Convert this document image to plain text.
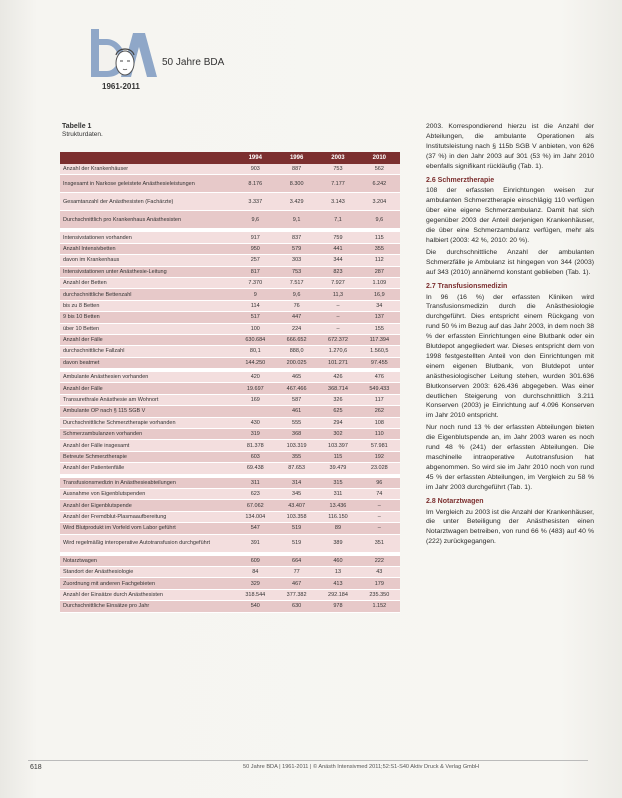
1961-2011
50 Jahre BDA
Tabelle 1
Strukturdaten.
	1994	1996	2003	2010
Anzahl der Krankenhäuser	903	887	753	562
Insgesamt in Narkose geleistete Anästhesieleistungen	8.176	8.300	7.177	6.242
Gesamtanzahl der Anästhesisten (Fachärzte)	3.337	3.429	3.143	3.204
Durchschnittlich pro Krankenhaus Anästhesisten	9,6	9,1	7,1	9,6

Intensivstationen vorhanden	917	837	759	115
Anzahl Intensivbetten	950	579	441	355
davon im Krankenhaus	257	303	344	112
Intensivstationen unter Anästhesie-Leitung	817	753	823	287
Anzahl der Betten	7.370	7.517	7.927	1.109
durchschnittliche Bettenzahl	9	9,6	11,3	16,9
bis zu 8 Betten	114	76	–	34
9 bis 10 Betten	517	447	–	137
über 10 Betten	100	224	–	155
Anzahl der Fälle	630.684	666.652	672.372	117.394
durchschnittliche Fallzahl	80,1	888,0	1.270,6	1.560,5
davon beatmet	144.250	200.025	101.271	97.455

Ambulante Anästhesien vorhanden	420	465	426	476
Anzahl der Fälle	19.697	467.466	368.714	549.433
Transurethrale Anästhesie am Wohnort	169	587	326	117
Ambulante OP nach § 115 SGB V		461	625	262
Durchschnittliche Schmerztherapie vorhanden	430	555	294	108
Schmerzambulanzen vorhanden	319	368	302	110
Anzahl der Fälle insgesamt	81.378	103.319	103.397	57.981
Betreute Schmerztherapie	603	355	115	192
Anzahl der Patientenfälle	69.438	87.653	39.479	23.028

Transfusionsmedizin in Anästhesieabteilungen	311	314	315	96
Ausnahme von Eigenblutspenden	623	345	311	74
Anzahl der Eigenblutspende	67.062	43.407	13.436	–
Anzahl der Fremdblut-Plasmaaufbereitung	134.004	103.358	116.150	–
Wird Blutprodukt im Vorfeld vom Labor geführt	547	519	89	–
Wird regelmäßig interoperative Autotransfusion durchgeführt	391	519	389	351

Notarztwagen	609	664	460	222
Standort der Anästhesiologie	84	77	13	43
Zuordnung mit anderen Fachgebieten	329	467	413	179
Anzahl der Einsätze durch Anästhesisten	318.544	377.382	292.184	235.350
Durchschnittliche Einsätze pro Jahr	540	630	978	1.152

2003. Korrespondierend hierzu ist die Anzahl der Abteilungen, die ambulante Operationen als Institutsleistung nach § 115b SGB V anbieten, von 626 (37 %) in den Jahr 2003 auf 301 (53 %) im Jahr 2010 ebenfalls signifikant rückläufig (Tab. 1).

2.6 Schmerztherapie

108 der erfassten Einrichtungen weisen zur ambulanten Schmerztherapie einschlägig 110 verfügen über eine eigene Schmerzambulanz. Damit hat sich gegenüber 2003 der Anteil derjenigen Krankenhäuser, die über eine Schmerzambulanz verfügen, mehr als halbiert (2003: 42 %, 2010: 20 %).

Die durchschnittliche Anzahl der ambulanten Schmerzfälle je Ambulanz ist hingegen von 344 (2003) auf 343 (2010) annähernd konstant geblieben (Tab. 1).

2.7 Transfusionsmedizin

In 96 (16 %) der erfassten Kliniken wird Transfusionsmedizin durch die Anästhesiologie durchgeführt. Dies entspricht einem Rückgang von rund 50 % im Bezug auf das Jahr 2003, in dem noch 38 % der erfassten Einrichtungen eine Blutbank oder ein Blutdepot angegliedert war. Dieses entspricht dem von 1998 festgestellten Anteil von den Einrichtungen mit einem eigenen Blutbank, von Blutdepot unter anästhesiologischer Leitung stehen, wurden 301.636 Blutkonserven 2003: 626.436 abgegeben. Was einer deutlichen Steigerung von durchschnittlich 3.211 Konserven (2003) je Einrichtung auf 4.096 Konserven im Jahr 2010 entspricht.

Nur noch rund 13 % der erfassten Abteilungen bieten die Eigenblutspende an, im Jahr 2003 waren es noch rund 48 % (241) der erfassten Abteilungen. Die maschinelle intraoperative Autotransfusion hat abgenommen. So wird sie im Jahr 2010 noch von rund 45 % der erfassten Abteilungen, im Vergleich zu 58 % im Jahr 2003 durchgeführt (Tab. 1).

2.8 Notarztwagen

Im Vergleich zu 2003 ist die Anzahl der Krankenhäuser, die unter Beteiligung der Anästhesisten einen Notarztwagen betreiben, von rund 66 % (483) auf 40 % (222) zurückgegangen.

618	50 Jahre BDA | 1961-2011 | © Anästh Intensivmed 2011;52:S1-S40 Aktiv Druck & Verlag GmbH
